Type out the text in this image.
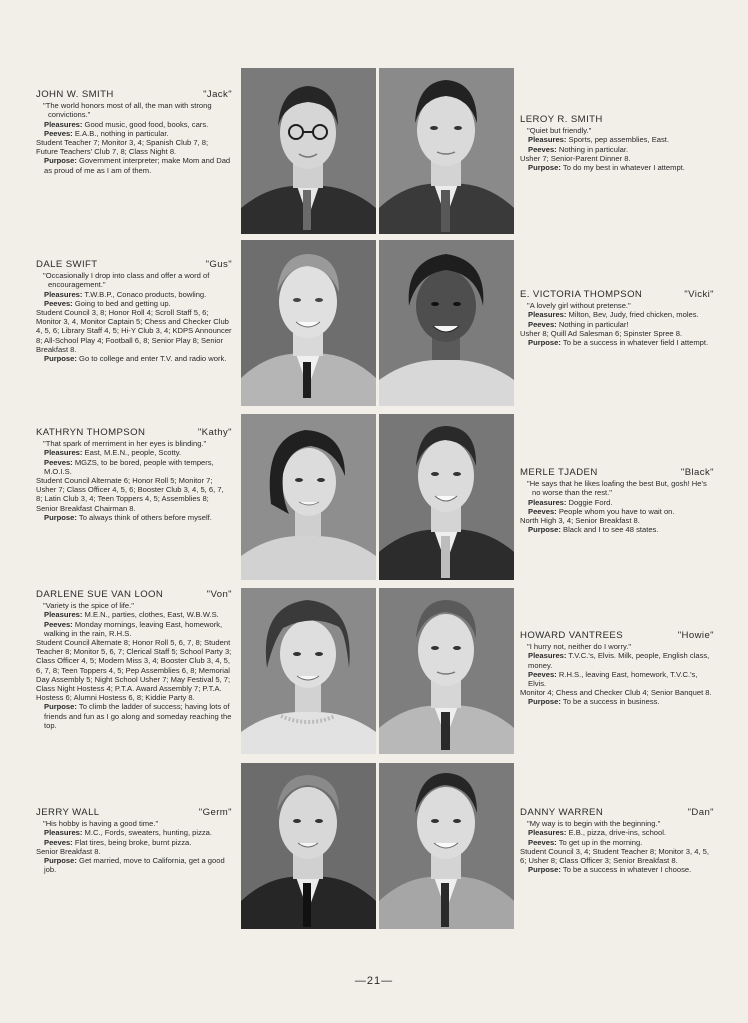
JOHN W. SMITH	"Jack"
"The world honors most of all, the man with strong convictions."
Pleasures: Good music, good food, books, cars.
Peeves: E.A.B., nothing in particular.
Student Teacher 7; Monitor 3, 4; Spanish Club 7, 8; Future Teachers' Club 7, 8; Class Night 8.
Purpose: Government interpreter; make Mom and Dad as proud of me as I am of them.
LEROY R. SMITH
"Quiet but friendly."
Pleasures: Sports, pep assemblies, East.
Peeves: Nothing in particular.
Usher 7; Senior-Parent Dinner 8.
Purpose: To do my best in whatever I attempt.
DALE SWIFT	"Gus"
"Occasionally I drop into class and offer a word of encouragement."
Pleasures: T.W.B.P., Conaco products, bowling.
Peeves: Going to bed and getting up.
Student Council 3, 8; Honor Roll 4; Scroll Staff 5, 6; Monitor 3, 4, Monitor Captain 5; Chess and Checker Club 4, 5, 6; Library Staff 4, 5; Hi-Y Club 3, 4; KDPS Announcer 8; All-School Play 4; Football 6, 8; Senior Play 8; Senior Breakfast 8.
Purpose: Go to college and enter T.V. and radio work.
E. VICTORIA THOMPSON	"Vicki"
"A lovely girl without pretense."
Pleasures: Milton, Bev, Judy, fried chicken, moles.
Peeves: Nothing in particular!
Usher 8; Quill Ad Salesman 6; Spinster Spree 8.
Purpose: To be a success in whatever field I attempt.
KATHRYN THOMPSON	"Kathy"
"That spark of merriment in her eyes is blinding."
Pleasures: East, M.E.N., people, Scotty.
Peeves: MGZS, to be bored, people with tempers, M.O.I.S.
Student Council Alternate 6; Honor Roll 5; Monitor 7; Usher 7; Class Officer 4, 5, 6; Booster Club 3, 4, 5, 6, 7, 8; Latin Club 3, 4; Teen Toppers 4, 5; Assemblies 8; Senior Breakfast Chairman 8.
Purpose: To always think of others before myself.
MERLE TJADEN	"Black"
"He says that he likes loafing the best But, gosh! He's no worse than the rest."
Pleasures: Doggie Ford.
Peeves: People whom you have to wait on.
North High 3, 4; Senior Breakfast 8.
Purpose: Black and I to see 48 states.
DARLENE SUE VAN LOON	"Von"
"Variety is the spice of life."
Pleasures: M.E.N., parties, clothes, East, W.B.W.S.
Peeves: Monday mornings, leaving East, homework, walking in the rain, R.H.S.
Student Council Alternate 8; Honor Roll 5, 6, 7, 8; Student Teacher 8; Monitor 5, 6, 7; Clerical Staff 5; School Party 3; Class Officer 4, 5; Modern Miss 3, 4; Booster Club 3, 4, 5, 6, 7, 8; Teen Toppers 4, 5; Pep Assemblies 6, 8; Memorial Day Assembly 5; Night School Usher 7; May Festival 5, 7; Class Night Hostess 4; P.T.A. Award Assembly 7; P.T.A. Hostess 6; Alumni Hostess 6, 8; Kiddie Party 8.
Purpose: To climb the ladder of success; having lots of friends and fun as I go along and someday reaching the top.
HOWARD VANTREES	"Howie"
"I hurry not, neither do I worry."
Pleasures: T.V.C.'s, Elvis. Milk, people, English class, money.
Peeves: R.H.S., leaving East, homework, T.V.C.'s, Elvis.
Monitor 4; Chess and Checker Club 4; Senior Banquet 8.
Purpose: To be a success in business.
JERRY WALL	"Germ"
"His hobby is having a good time."
Pleasures: M.C., Fords, sweaters, hunting, pizza.
Peeves: Flat tires, being broke, burnt pizza.
Senior Breakfast 8.
Purpose: Get married, move to California, get a good job.
DANNY WARREN	"Dan"
"My way is to begin with the beginning."
Pleasures: E.B., pizza, drive-ins, school.
Peeves: To get up in the morning.
Student Council 3, 4; Student Teacher 8; Monitor 3, 4, 5, 6; Usher 8; Class Officer 3; Senior Breakfast 8.
Purpose: To be a success in whatever I choose.
—21—
